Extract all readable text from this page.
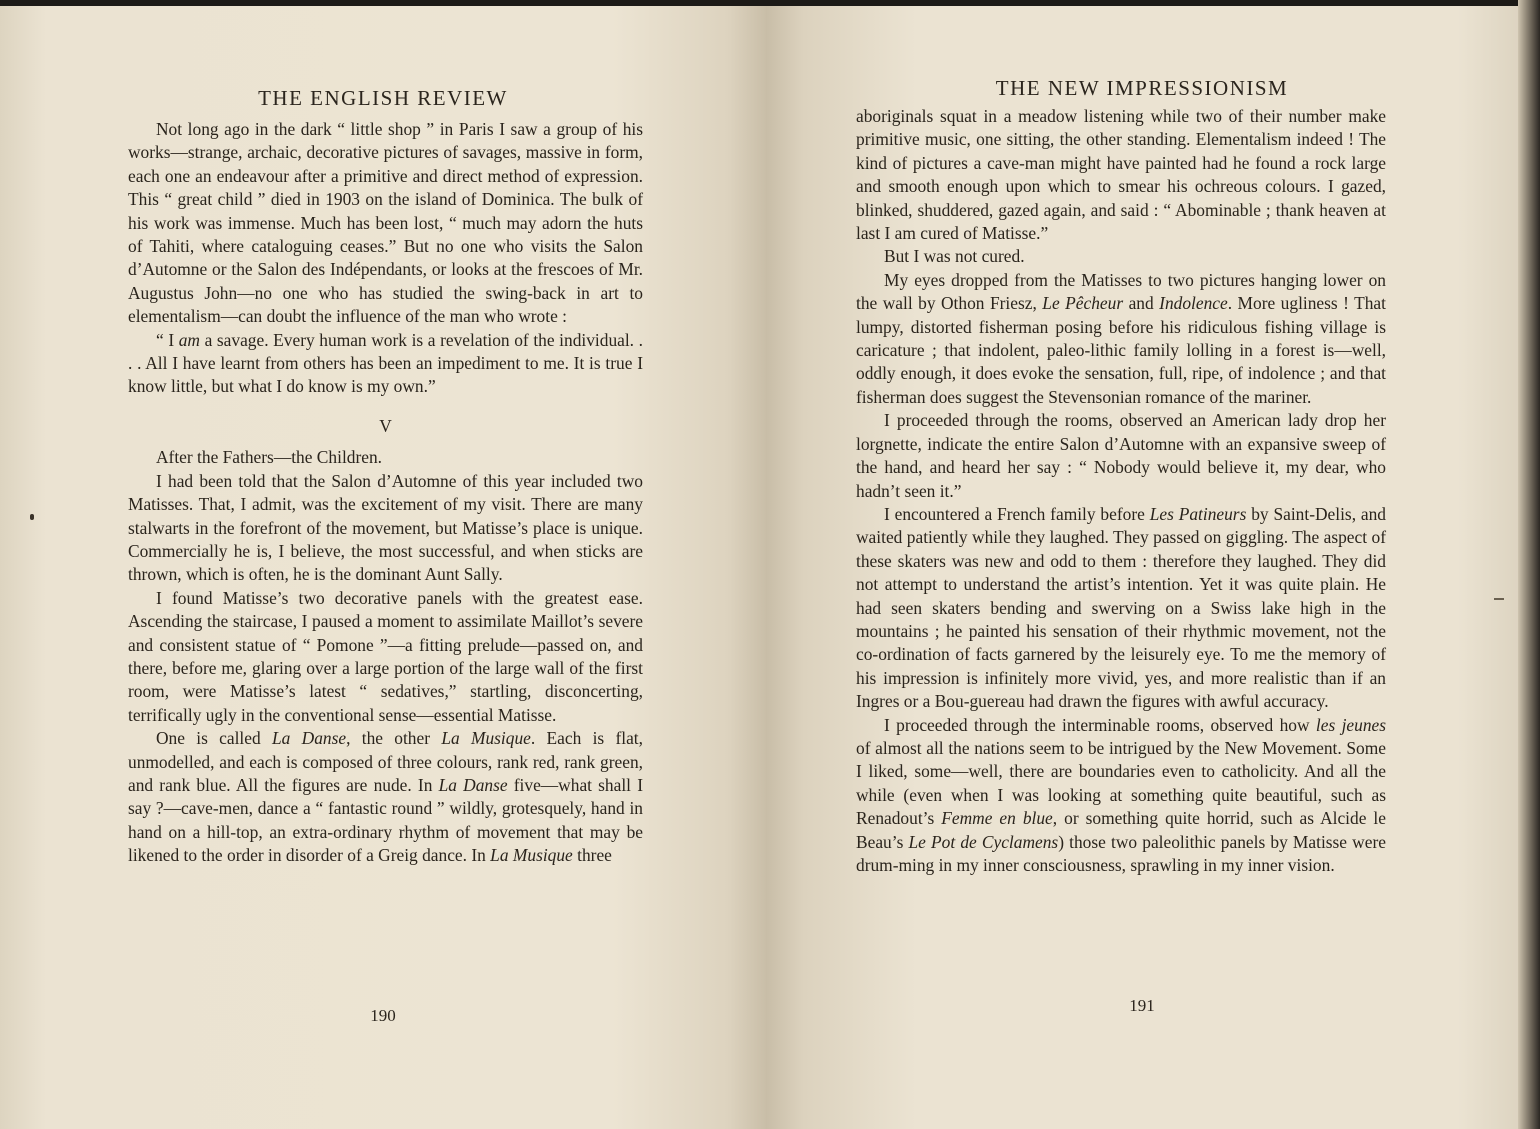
THE ENGLISH REVIEW

Not long ago in the dark “ little shop ” in Paris I saw a group of his works—strange, archaic, decorative pictures of savages, massive in form, each one an endeavour after a primitive and direct method of expression. This “ great child ” died in 1903 on the island of Dominica. The bulk of his work was immense. Much has been lost, “ much may adorn the huts of Tahiti, where cataloguing ceases.” But no one who visits the Salon d’Automne or the Salon des Indépendants, or looks at the frescoes of Mr. Augustus John—no one who has studied the swing-back in art to elementalism—can doubt the influence of the man who wrote :

“ I am a savage. Every human work is a revelation of the individual. . . . All I have learnt from others has been an impediment to me. It is true I know little, but what I do know is my own.”

V

After the Fathers—the Children.

I had been told that the Salon d’Automne of this year included two Matisses. That, I admit, was the excitement of my visit. There are many stalwarts in the forefront of the movement, but Matisse’s place is unique. Commercially he is, I believe, the most successful, and when sticks are thrown, which is often, he is the dominant Aunt Sally.

I found Matisse’s two decorative panels with the greatest ease. Ascending the staircase, I paused a moment to assimilate Maillot’s severe and consistent statue of “ Pomone ”—a fitting prelude—passed on, and there, before me, glaring over a large portion of the large wall of the first room, were Matisse’s latest “ sedatives,” startling, disconcerting, terrifically ugly in the conventional sense—essential Matisse.

One is called La Danse, the other La Musique. Each is flat, unmodelled, and each is composed of three colours, rank red, rank green, and rank blue. All the figures are nude. In La Danse five—what shall I say ?—cave-men, dance a “ fantastic round ” wildly, grotesquely, hand in hand on a hill-top, an extra-ordinary rhythm of movement that may be likened to the order in disorder of a Greig dance. In La Musique three

190
THE NEW IMPRESSIONISM

aboriginals squat in a meadow listening while two of their number make primitive music, one sitting, the other standing. Elementalism indeed ! The kind of pictures a cave-man might have painted had he found a rock large and smooth enough upon which to smear his ochreous colours. I gazed, blinked, shuddered, gazed again, and said : “ Abominable ; thank heaven at last I am cured of Matisse.”

But I was not cured.

My eyes dropped from the Matisses to two pictures hanging lower on the wall by Othon Friesz, Le Pêcheur and Indolence. More ugliness ! That lumpy, distorted fisherman posing before his ridiculous fishing village is caricature ; that indolent, paleo-lithic family lolling in a forest is—well, oddly enough, it does evoke the sensation, full, ripe, of indolence ; and that fisherman does suggest the Stevensonian romance of the mariner.

I proceeded through the rooms, observed an American lady drop her lorgnette, indicate the entire Salon d’Automne with an expansive sweep of the hand, and heard her say : “ Nobody would believe it, my dear, who hadn’t seen it.”

I encountered a French family before Les Patineurs by Saint-Delis, and waited patiently while they laughed. They passed on giggling. The aspect of these skaters was new and odd to them : therefore they laughed. They did not attempt to understand the artist’s intention. Yet it was quite plain. He had seen skaters bending and swerving on a Swiss lake high in the mountains ; he painted his sensation of their rhythmic movement, not the co-ordination of facts garnered by the leisurely eye. To me the memory of his impression is infinitely more vivid, yes, and more realistic than if an Ingres or a Bou-guereau had drawn the figures with awful accuracy.

I proceeded through the interminable rooms, observed how les jeunes of almost all the nations seem to be intrigued by the New Movement. Some I liked, some—well, there are boundaries even to catholicity. And all the while (even when I was looking at something quite beautiful, such as Renadout’s Femme en blue, or something quite horrid, such as Alcide le Beau’s Le Pot de Cyclamens) those two paleolithic panels by Matisse were drum-ming in my inner consciousness, sprawling in my inner vision.

191
